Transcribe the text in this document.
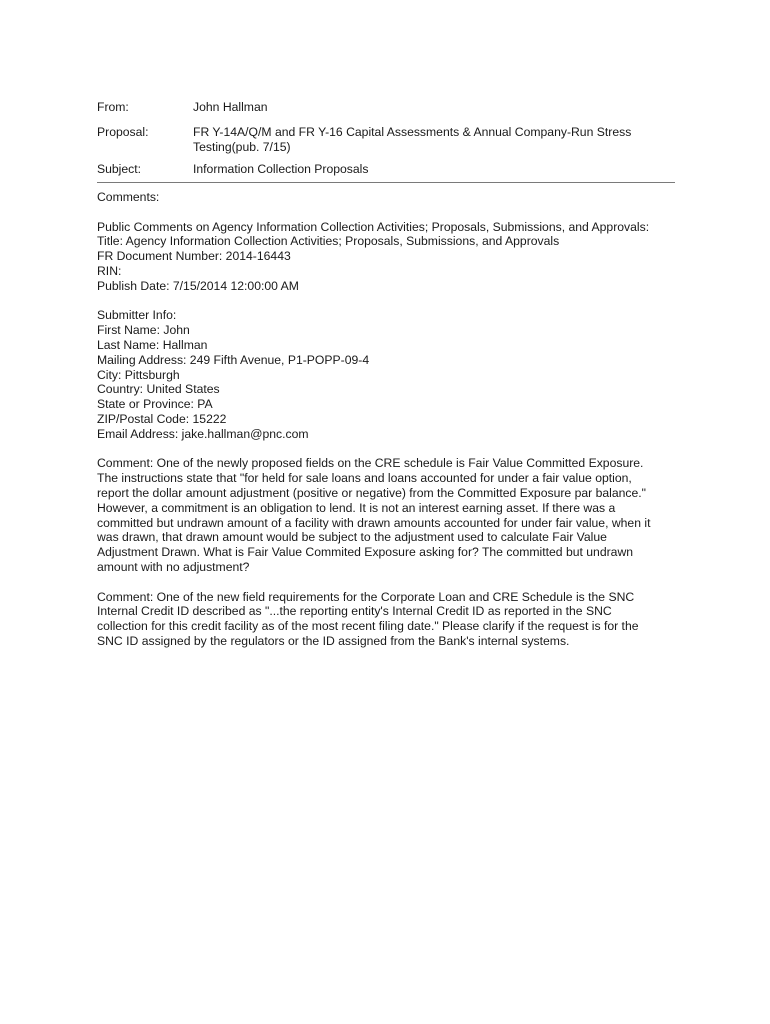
From:	John Hallman
Proposal:	FR Y-14A/Q/M and FR Y-16 Capital Assessments & Annual Company-Run Stress Testing(pub. 7/15)
Subject:	Information Collection Proposals

Comments:

Public Comments on Agency Information Collection Activities; Proposals, Submissions, and Approvals:
Title: Agency Information Collection Activities; Proposals, Submissions, and Approvals
FR Document Number: 2014-16443
RIN:
Publish Date: 7/15/2014 12:00:00 AM

Submitter Info:
First Name: John
Last Name: Hallman
Mailing Address: 249 Fifth Avenue, P1-POPP-09-4
City: Pittsburgh
Country: United States
State or Province: PA
ZIP/Postal Code: 15222
Email Address: jake.hallman@pnc.com

Comment: One of the newly proposed fields on the CRE schedule is Fair Value Committed Exposure.
The instructions state that "for held for sale loans and loans accounted for under a fair value option,
report the dollar amount adjustment (positive or negative) from the Committed Exposure par balance."
However, a commitment is an obligation to lend. It is not an interest earning asset. If there was a
committed but undrawn amount of a facility with drawn amounts accounted for under fair value, when it
was drawn, that drawn amount would be subject to the adjustment used to calculate Fair Value
Adjustment Drawn. What is Fair Value Commited Exposure asking for? The committed but undrawn
amount with no adjustment?

Comment: One of the new field requirements for the Corporate Loan and CRE Schedule is the SNC
Internal Credit ID described as "...the reporting entity's Internal Credit ID as reported in the SNC
collection for this credit facility as of the most recent filing date." Please clarify if the request is for the
SNC ID assigned by the regulators or the ID assigned from the Bank's internal systems.
